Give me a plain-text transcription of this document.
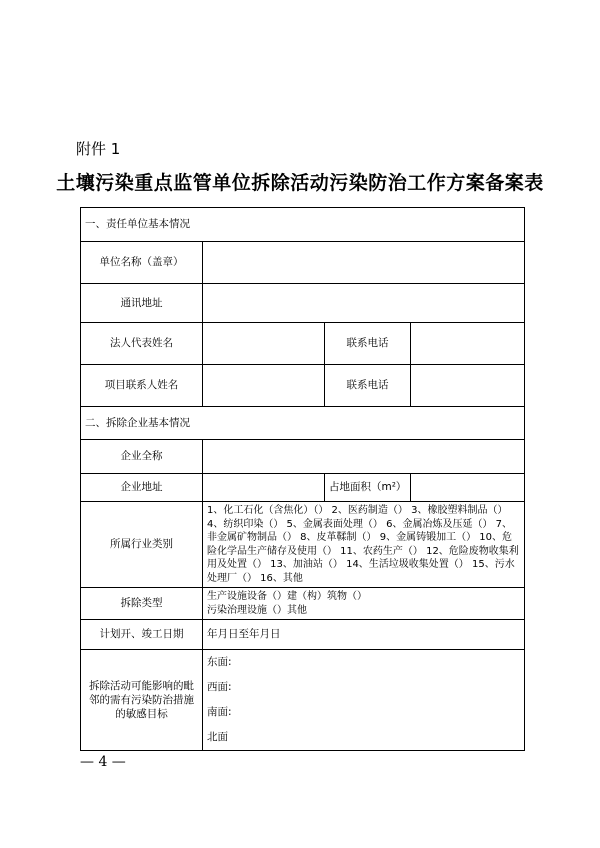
附件 1
土壤污染重点监管单位拆除活动污染防治工作方案备案表
一、责任单位基本情况			
单位名称（盖章）			
通讯地址			
法人代表姓名		联系电话	
项目联系人姓名		联系电话	
二、拆除企业基本情况			
企业全称			
企业地址		占地面积（m²）	
所属行业类别	1、化工石化（含焦化）（） 2、医药制造（） 3、橡胶塑料制品（） 4、纺织印染（） 5、金属表面处理（） 6、金属冶炼及压延（） 7、非金属矿物制品（） 8、皮革鞣制（） 9、金属铸锻加工（） 10、危险化学品生产储存及使用（） 11、农药生产（） 12、危险废物收集利用及处置（） 13、加油站（） 14、生活垃圾收集处置（） 15、污水处理厂（） 16、其他		
拆除类型	生产设施设备（）建（构）筑物（）
污染治理设施（）其他		

计划开、竣工日期	年月日至年月日		
拆除活动可能影响的毗邻的需有污染防治措施的敏感目标	东面:
西面:
南面:
北面		
— 4 —
